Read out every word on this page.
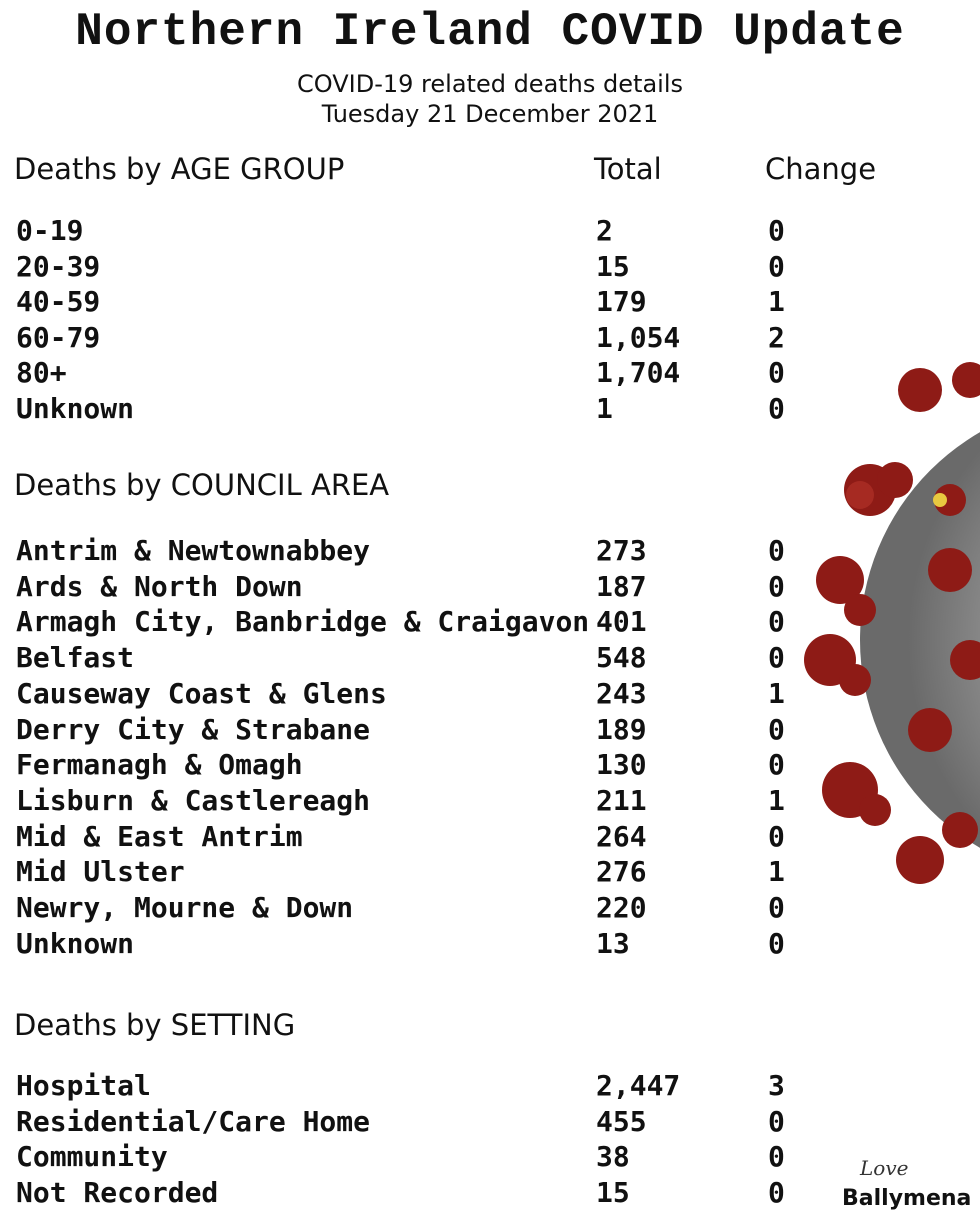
Northern Ireland COVID Update
COVID-19 related deaths details
Tuesday 21 December 2021
Deaths by AGE GROUP	Total	Change
0-19	2	0
20-39	15	0
40-59	179	1
60-79	1,054	2
80+	1,704	0
Unknown	1	0
Deaths by COUNCIL AREA
Antrim & Newtownabbey	273	0
Ards & North Down	187	0
Armagh City, Banbridge & Craigavon 401	0
Belfast	548	0
Causeway Coast & Glens	243	1
Derry City & Strabane	189	0
Fermanagh & Omagh	130	0
Lisburn & Castlereagh	211	1
Mid & East Antrim	264	0
Mid Ulster	276	1
Newry, Mourne & Down	220	0
Unknown	13	0
Deaths by SETTING
Hospital	2,447	3
Residential/Care Home	455	0
Community	38	0
Not Recorded	15	0
Love
Ballymena
